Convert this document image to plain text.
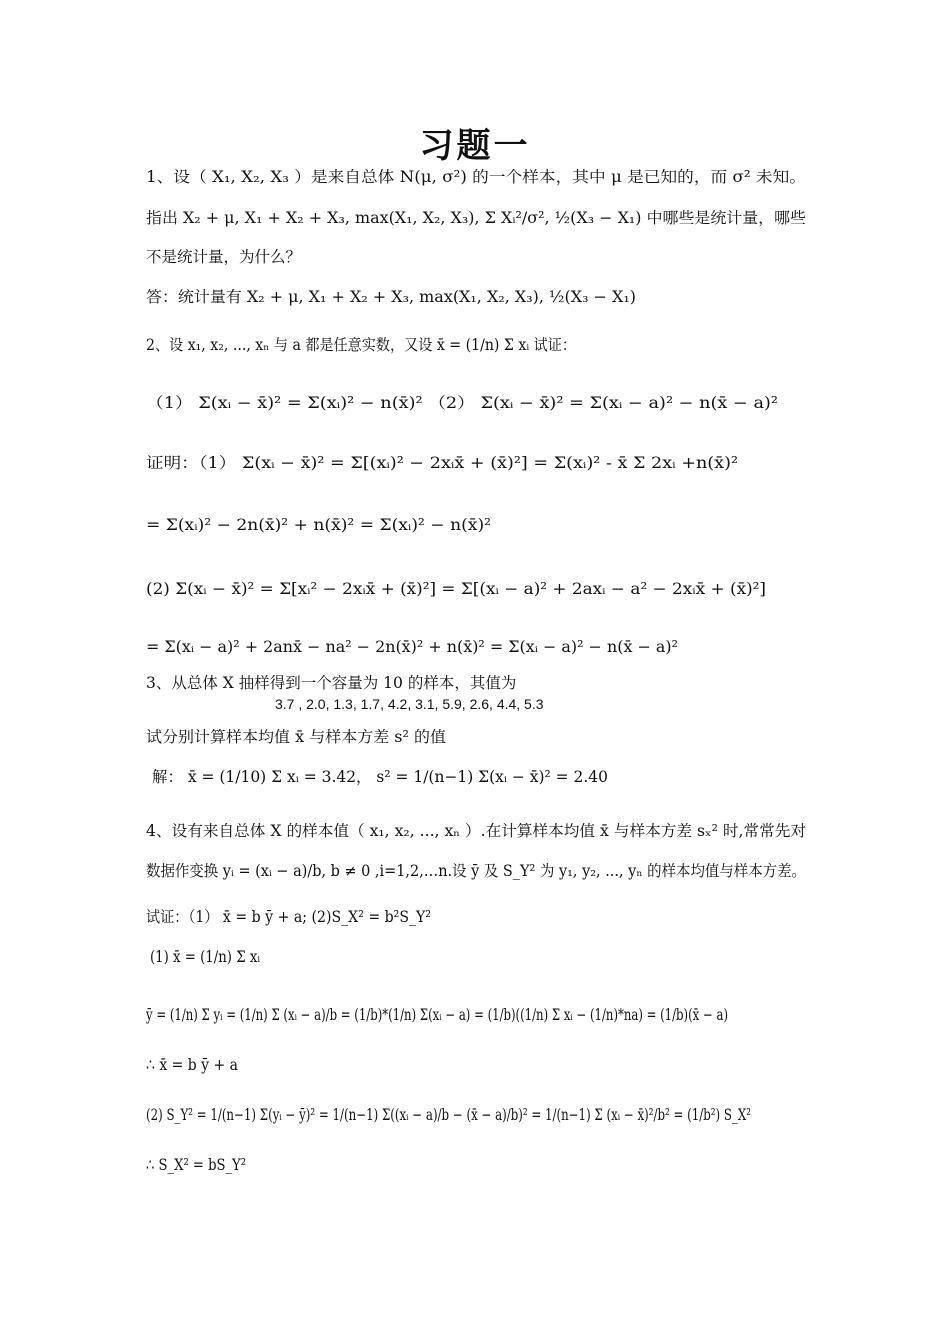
习题一
1、设（ X₁, X₂, X₃ ）是来自总体 N(μ, σ²) 的一个样本，其中 μ 是已知的，而 σ² 未知。
指出 X₂ + μ, X₁ + X₂ + X₃, max(X₁, X₂, X₃), Σ Xᵢ²/σ², ½(X₃ − X₁) 中哪些是统计量，哪些
不是统计量，为什么？
答：统计量有 X₂ + μ, X₁ + X₂ + X₃, max(X₁, X₂, X₃), ½(X₃ − X₁)
2、设 x₁, x₂, ..., xₙ 与 a 都是任意实数，又设 x̄ = (1/n) Σ xᵢ 试证：
（1） Σ(xᵢ − x̄)² = Σ(xᵢ)² − n(x̄)² （2） Σ(xᵢ − x̄)² = Σ(xᵢ − a)² − n(x̄ − a)²
证明：（1） Σ(xᵢ − x̄)² = Σ[(xᵢ)² − 2xᵢx̄ + (x̄)²] = Σ(xᵢ)² - x̄ Σ 2xᵢ +n(x̄)²
= Σ(xᵢ)² − 2n(x̄)² + n(x̄)² = Σ(xᵢ)² − n(x̄)²
(2) Σ(xᵢ − x̄)² = Σ[xᵢ² − 2xᵢx̄ + (x̄)²] = Σ[(xᵢ − a)² + 2axᵢ − a² − 2xᵢx̄ + (x̄)²]
= Σ(xᵢ − a)² + 2anx̄ − na² − 2n(x̄)² + n(x̄)² = Σ(xᵢ − a)² − n(x̄ − a)²
3、从总体 X 抽样得到一个容量为 10 的样本，其值为
3.7 , 2.0, 1.3, 1.7, 4.2, 3.1, 5.9, 2.6, 4.4, 5.3
试分别计算样本均值 x̄ 与样本方差 s² 的值
解： x̄ = (1/10) Σ xᵢ = 3.42， s² = 1/(n−1) Σ(xᵢ − x̄)² = 2.40
4、设有来自总体 X 的样本值（ x₁, x₂, ..., xₙ ）.在计算样本均值 x̄ 与样本方差 sₓ² 时,常常先对
数据作变换 yᵢ = (xᵢ − a)/b, b ≠ 0 ,i=1,2,…n.设 ȳ 及 S_Y² 为 y₁, y₂, ..., yₙ 的样本均值与样本方差。
试证：（1） x̄ = b ȳ + a; (2)S_X² = b²S_Y²
(1) x̄ = (1/n) Σ xᵢ
ȳ = (1/n) Σ yᵢ = (1/n) Σ (xᵢ − a)/b = (1/b)*(1/n) Σ(xᵢ − a) = (1/b)((1/n) Σ xᵢ − (1/n)*na) = (1/b)(x̄ − a)
∴ x̄ = b ȳ + a
(2) S_Y² = 1/(n−1) Σ(yᵢ − ȳ)² = 1/(n−1) Σ((xᵢ − a)/b − (x̄ − a)/b)² = 1/(n−1) Σ (xᵢ − x̄)²/b² = (1/b²) S_X²
∴ S_X² = bS_Y²
